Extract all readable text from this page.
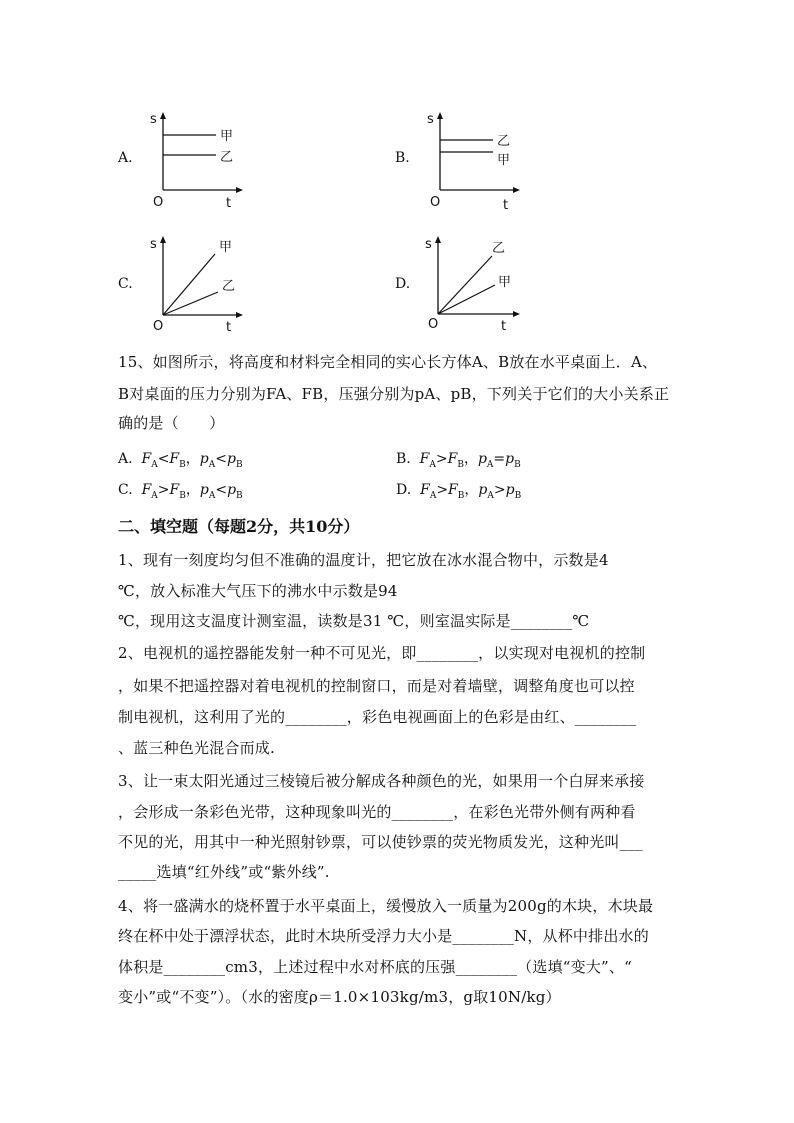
A.
s
O	t
甲
乙	B.
s
O	t
乙
甲
C.
s
O	t
甲
乙	D.
s
O	t
乙
甲
15、如图所示，将高度和材料完全相同的实心长方体A、B放在水平桌面上．A、
B对桌面的压力分别为FA、FB，压强分别为pA、pB，下列关于它们的大小关系正
确的是（　　）
A. $F_A<F_B$，$p_A<p_B$	B. $F_A>F_B$，$p_A=p_B$
C. $F_A>F_B$，$p_A<p_B$	D. $F_A>F_B$，$p_A>p_B$
二、填空题（每题2分，共10分）
1、现有一刻度均匀但不准确的温度计，把它放在冰水混合物中，示数是4
℃，放入标准大气压下的沸水中示数是94
℃，现用这支温度计测室温，读数是31 ℃，则室温实际是________℃
2、电视机的遥控器能发射一种不可见光，即________，以实现对电视机的控制
，如果不把遥控器对着电视机的控制窗口，而是对着墙壁，调整角度也可以控
制电视机，这利用了光的________，彩色电视画面上的色彩是由红、________
、蓝三种色光混合而成.
3、让一束太阳光通过三棱镜后被分解成各种颜色的光，如果用一个白屏来承接
，会形成一条彩色光带，这种现象叫光的________，在彩色光带外侧有两种看
不见的光，用其中一种光照射钞票，可以使钞票的荧光物质发光，这种光叫___
_____选填“红外线”或“紫外线”.
4、将一盛满水的烧杯置于水平桌面上，缓慢放入一质量为200g的木块，木块最
终在杯中处于漂浮状态，此时木块所受浮力大小是________N，从杯中排出水的
体积是________cm3，上述过程中水对杯底的压强________（选填“变大”、“
变小”或“不变”）。（水的密度ρ＝1.0×103kg/m3，g取10N/kg）
